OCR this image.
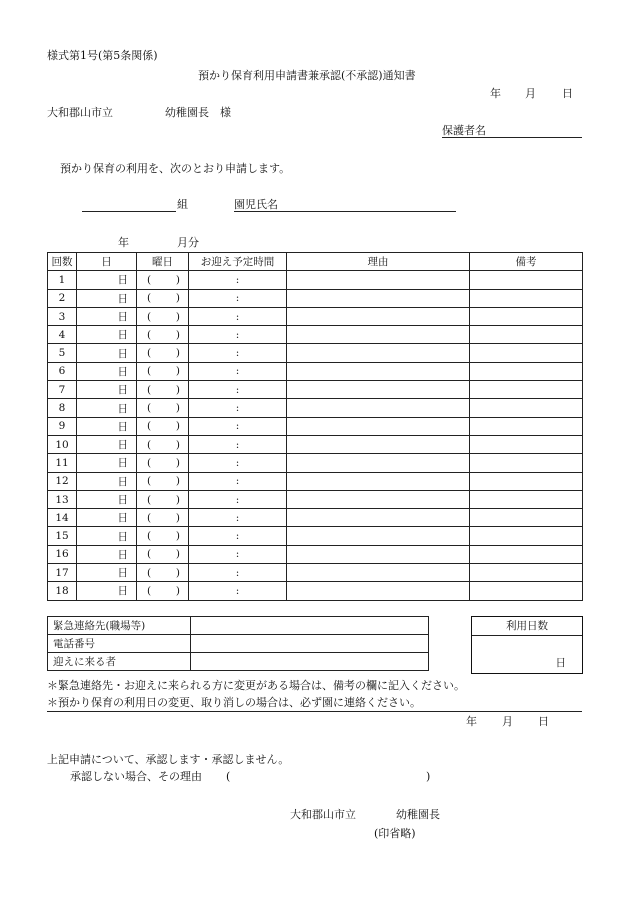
様式第1号(第5条関係)
預かり保育利用申請書兼承認(不承認)通知書
年 月 日
大和郡山市立	幼稚園長　様
保護者名
預かり保育の利用を、次のとおり申請します。
組	園児氏名
年	月分
回数	日	曜日	お迎え予定時間	理由	備考
1	日	( )	:		
2	日	( )	:		
3	日	( )	:		
4	日	( )	:		
5	日	( )	:		
6	日	( )	:		
7	日	( )	:		
8	日	( )	:		
9	日	( )	:		
10	日	( )	:		
11	日	( )	:		
12	日	( )	:		
13	日	( )	:		
14	日	( )	:		
15	日	( )	:		
16	日	( )	:		
17	日	( )	:		
18	日	( )	:		
緊急連絡先(職場等)	
電話番号	
迎えに来る者	
利用日数
日
＊緊急連絡先・お迎えに来られる方に変更がある場合は、備考の欄に記入ください。
＊預かり保育の利用日の変更、取り消しの場合は、必ず園に連絡ください。
年 月 日
上記申請について、承認します・承認しません。
承認しない場合、その理由 (	)
大和郡山市立	幼稚園長
(印省略)
